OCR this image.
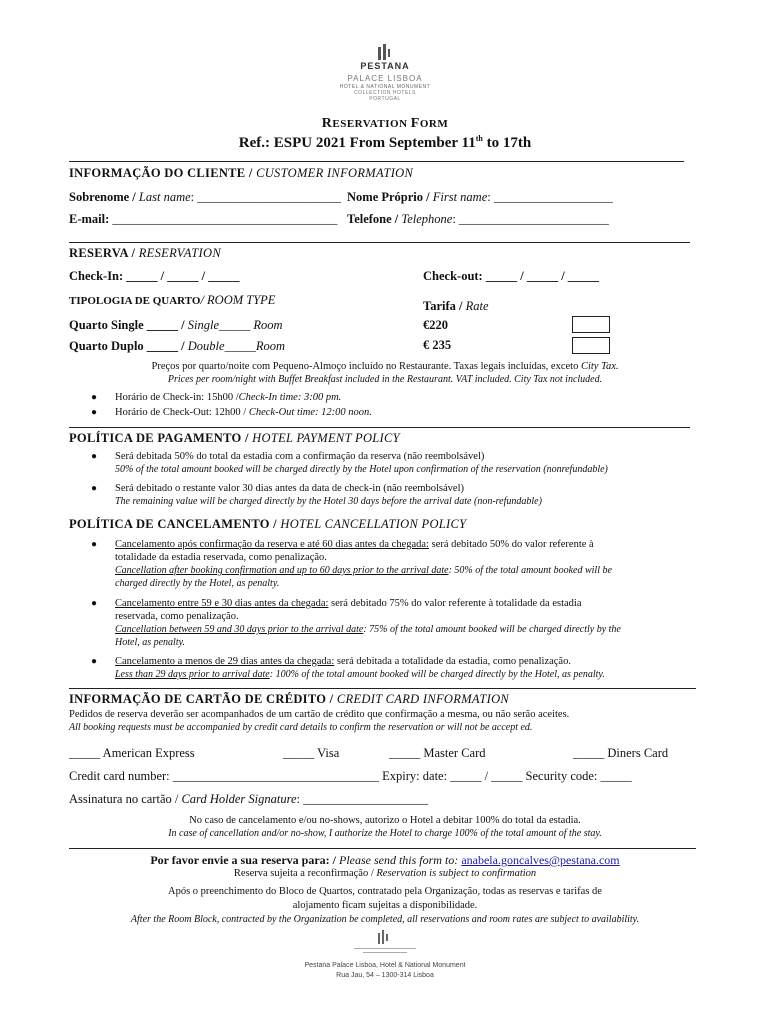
PESTANA
PALACE LISBOA
HOTEL & NATIONAL MONUMENT
COLLECTION HOTELS
PORTUGAL
RESERVATION FORM
Ref.: ESPU 2021 From September 11th to 17th
INFORMAÇÃO DO CLIENTE / CUSTOMER INFORMATION
Sobrenome / Last name: _______________________ Nome Próprio / First name: ___________________
E-mail: ____________________________________ Telefone / Telephone: ________________________
RESERVA / RESERVATION
Check-In: _____ / _____ / _____	Check-out: _____ / _____ / _____
TIPOLOGIA DE QUARTO/ ROOM TYPE	Tarifa / Rate
Quarto Single _____ / Single_____ Room	€220
Quarto Duplo _____ / Double_____Room	€ 235
Preços por quarto/noite com Pequeno-Almoço incluído no Restaurante. Taxas legais incluídas, exceto City Tax.
Prices per room/night with Buffet Breakfast included in the Restaurant. VAT included. City Tax not included.
● Horário de Check-in: 15h00 /Check-In time: 3:00 pm.
● Horário de Check-Out: 12h00 / Check-Out time: 12:00 noon.
POLÍTICA DE PAGAMENTO / HOTEL PAYMENT POLICY
● Será debitada 50% do total da estadia com a confirmação da reserva (não reembolsável)
50% of the total amount booked will be charged directly by the Hotel upon confirmation of the reservation (nonrefundable)
● Será debitado o restante valor 30 dias antes da data de check-in (não reembolsável)
The remaining value will be charged directly by the Hotel 30 days before the arrival date (non-refundable)
POLÍTICA DE CANCELAMENTO / HOTEL CANCELLATION POLICY
● Cancelamento após confirmação da reserva e até 60 dias antes da chegada: será debitado 50% do valor referente à
totalidade da estadia reservada, como penalização.
Cancellation after booking confirmation and up to 60 days prior to the arrival date: 50% of the total amount booked will be
charged directly by the Hotel, as penalty.
● Cancelamento entre 59 e 30 dias antes da chegada: será debitado 75% do valor referente à totalidade da estadia
reservada, como penalização.
Cancellation between 59 and 30 days prior to the arrival date: 75% of the total amount booked will be charged directly by the
Hotel, as penalty.
● Cancelamento a menos de 29 dias antes da chegada: será debitada a totalidade da estadia, como penalização.
Less than 29 days prior to arrival date: 100% of the total amount booked will be charged directly by the Hotel, as penalty.
INFORMAÇÃO DE CARTÃO DE CRÉDITO / CREDIT CARD INFORMATION
Pedidos de reserva deverão ser acompanhados de um cartão de crédito que confirmação a mesma, ou não serão aceites.
All booking requests must be accompanied by credit card details to confirm the reservation or will not be accept ed.
_____ American Express	_____ Visa	_____ Master Card	_____ Diners Card
Credit card number: _________________________________ Expiry: date: _____ / _____ Security code: _____
Assinatura no cartão / Card Holder Signature: ____________________
No caso de cancelamento e/ou no-shows, autorizo o Hotel a debitar 100% do total da estadia.
In case of cancellation and/or no-show, I authorize the Hotel to charge 100% of the total amount of the stay.
Por favor envie a sua reserva para: / Please send this form to: anabela.goncalves@pestana.com
Reserva sujeita a reconfirmação / Reservation is subject to confirmation
Após o preenchimento do Bloco de Quartos, contratado pela Organização, todas as reservas e tarifas de
alojamento ficam sujeitas a disponibilidade.
After the Room Block, contracted by the Organization be completed, all reservations and room rates are subject to availability.
Pestana Palace Lisboa, Hotel & National Monument
Rua Jau, 54 – 1300-314 Lisboa
